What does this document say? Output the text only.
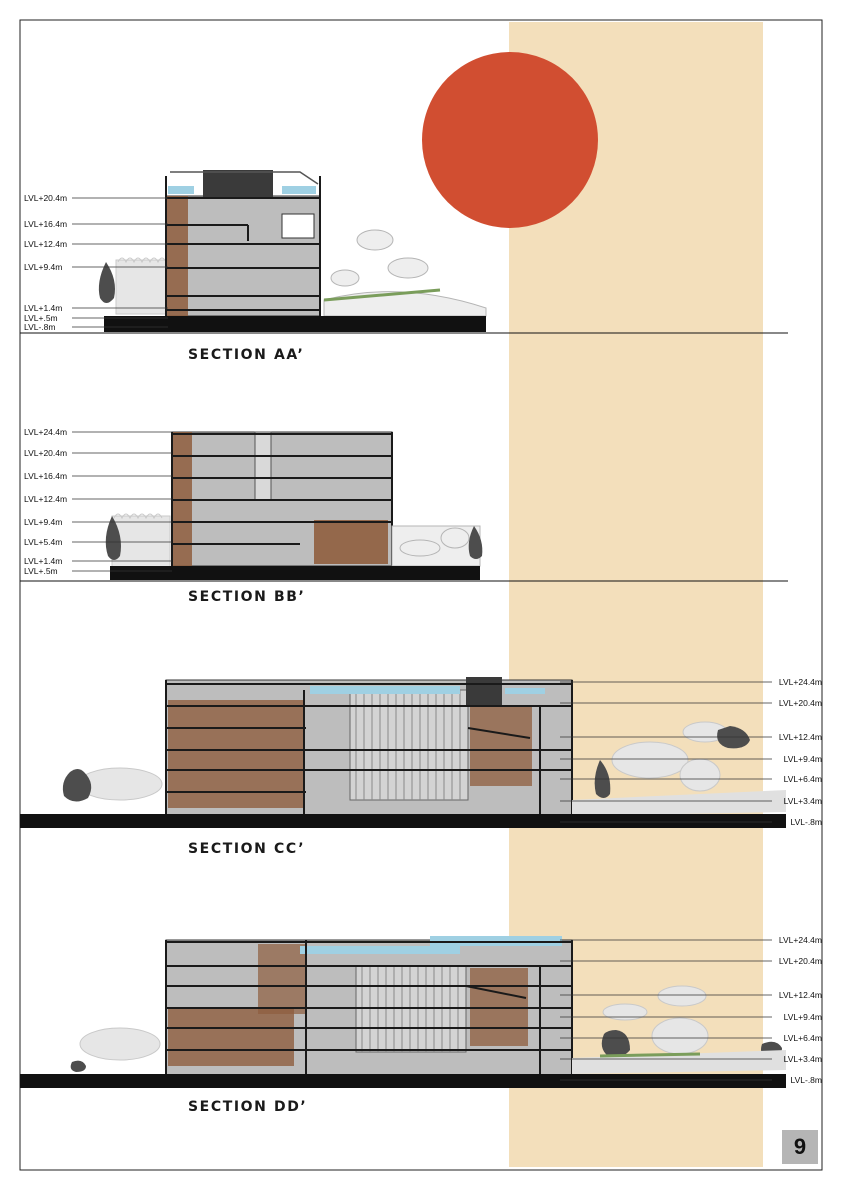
LVL+20.4m
LVL+16.4m
LVL+12.4m
LVL+9.4m
LVL+1.4m
LVL+.5m
LVL-.8m
LVL+24.4m
LVL+20.4m
LVL+16.4m
LVL+12.4m
LVL+9.4m
LVL+5.4m
LVL+1.4m
LVL+.5m
LVL+24.4m
LVL+20.4m
LVL+12.4m
LVL+9.4m
LVL+6.4m
LVL+3.4m
LVL-.8m
LVL+24.4m
LVL+20.4m
LVL+12.4m
LVL+9.4m
LVL+6.4m
LVL+3.4m
LVL-.8m
SECTION AA’
SECTION BB’
SECTION CC’
SECTION DD’
9
